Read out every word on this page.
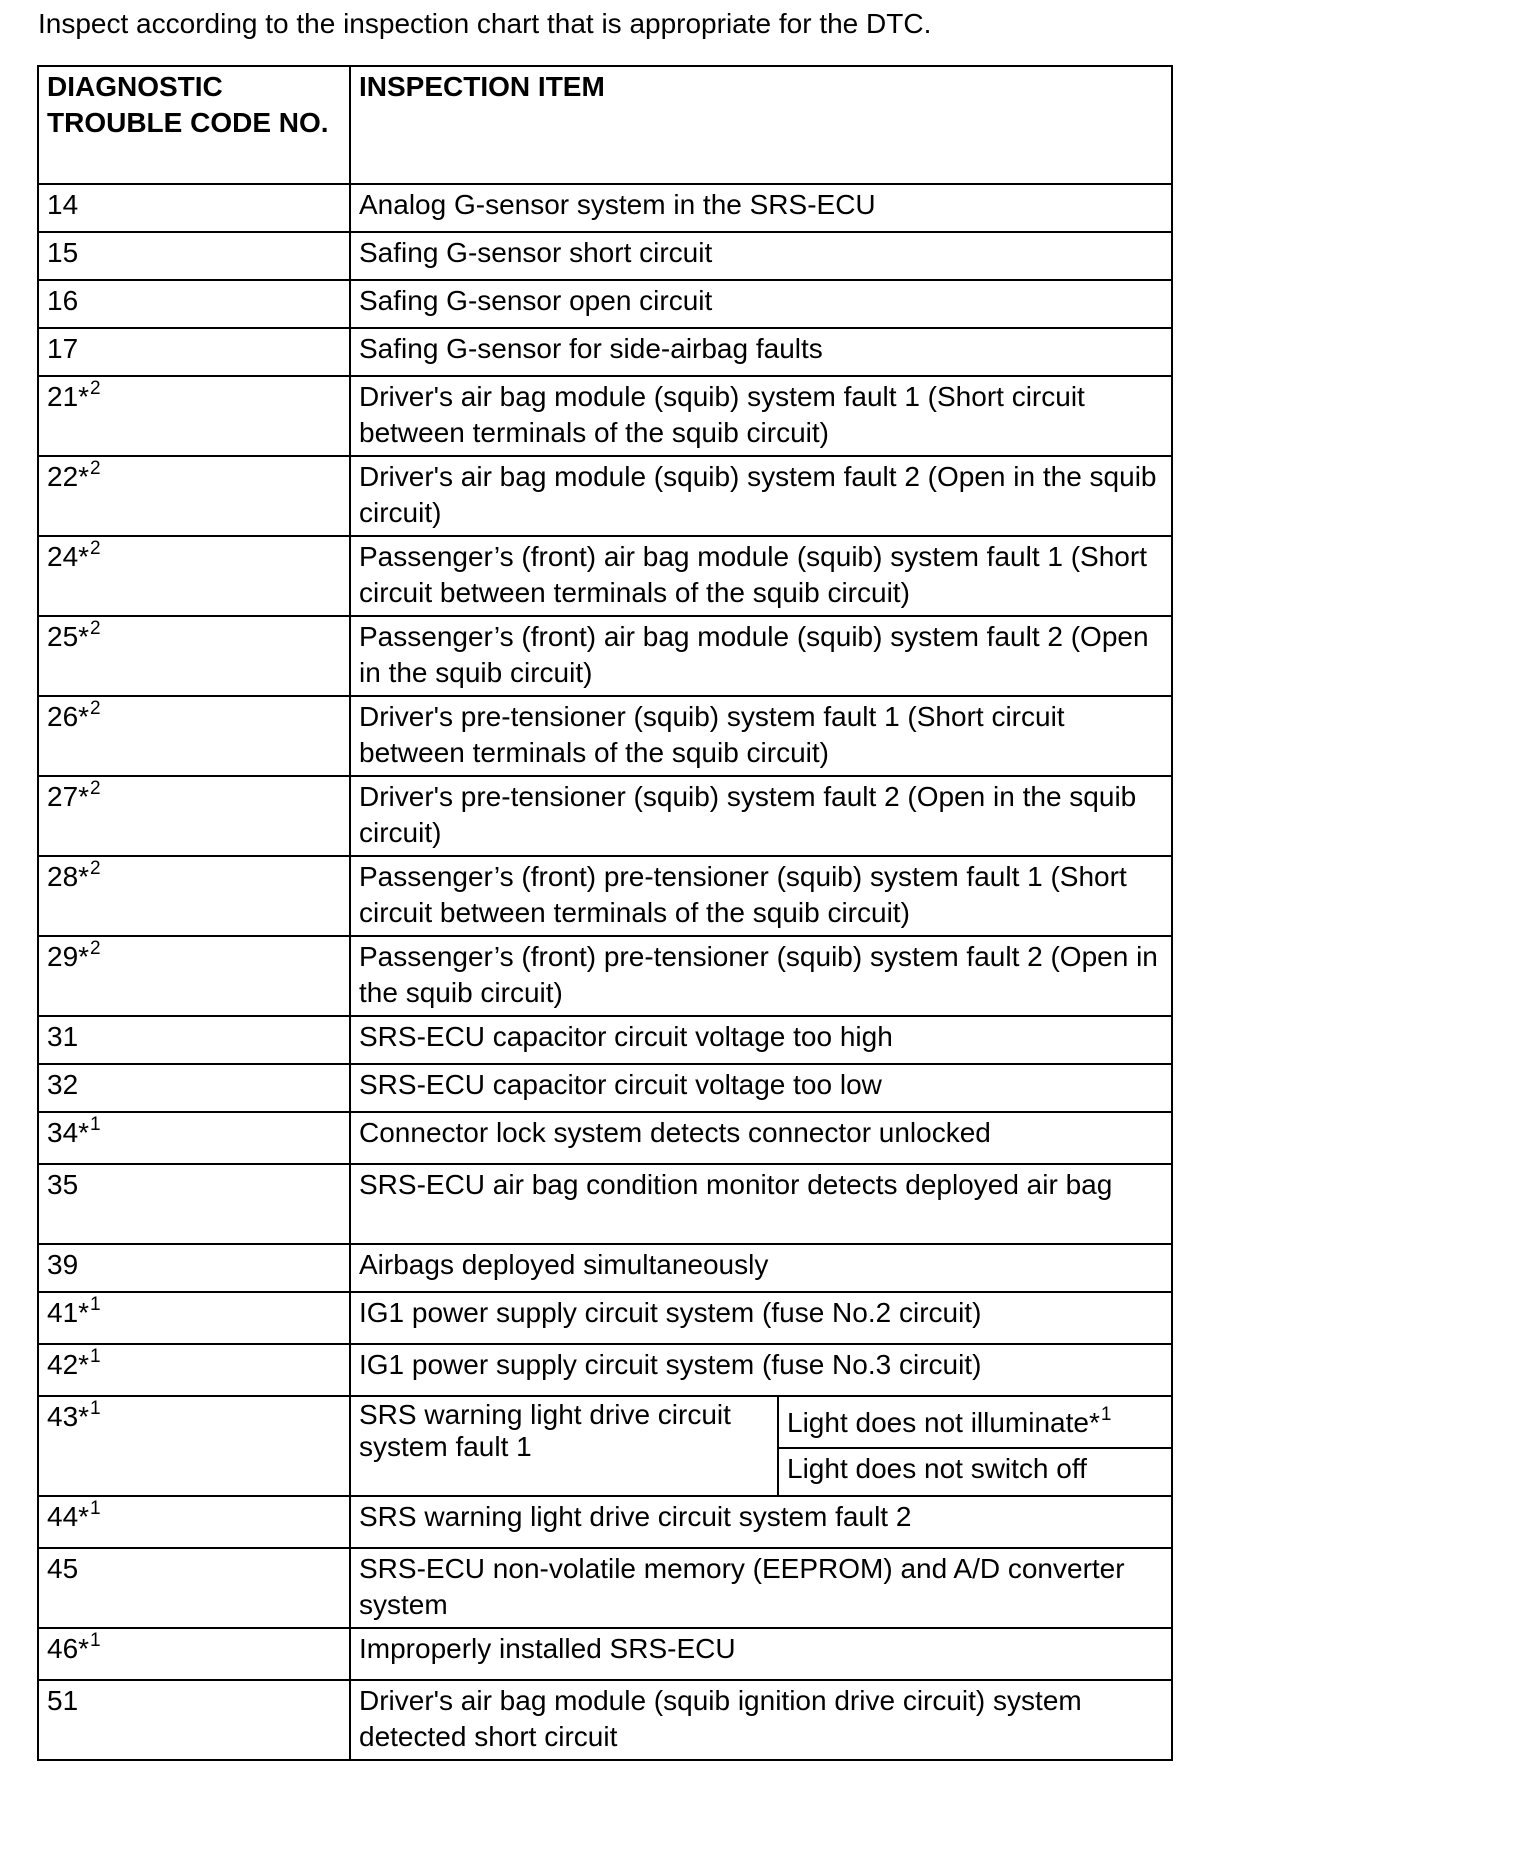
Inspect according to the inspection chart that is appropriate for the DTC.
DIAGNOSTIC TROUBLE CODE NO.	INSPECTION ITEM	
14	Analog G-sensor system in the SRS-ECU	
15	Safing G-sensor short circuit	
16	Safing G-sensor open circuit	
17	Safing G-sensor for side-airbag faults	
21*$^2$	Driver's air bag module (squib) system fault 1 (Short circuit between terminals of the squib circuit)	
22*$^2$	Driver's air bag module (squib) system fault 2 (Open in the squib circuit)	
24*$^2$	Passenger’s (front) air bag module (squib) system fault 1 (Short circuit between terminals of the squib circuit)	
25*$^2$	Passenger’s (front) air bag module (squib) system fault 2 (Open in the squib circuit)	
26*$^2$	Driver's pre-tensioner (squib) system fault 1 (Short circuit between terminals of the squib circuit)	
27*$^2$	Driver's pre-tensioner (squib) system fault 2 (Open in the squib circuit)	
28*$^2$	Passenger’s (front) pre-tensioner (squib) system fault 1 (Short circuit between terminals of the squib circuit)	
29*$^2$	Passenger’s (front) pre-tensioner (squib) system fault 2 (Open in the squib circuit)	
31	SRS-ECU capacitor circuit voltage too high	
32	SRS-ECU capacitor circuit voltage too low	
34*$^1$	Connector lock system detects connector unlocked	
35	SRS-ECU air bag condition monitor detects deployed air bag	
39	Airbags deployed simultaneously	
41*$^1$	IG1 power supply circuit system (fuse No.2 circuit)	
42*$^1$	IG1 power supply circuit system (fuse No.3 circuit)	
43*$^1$	SRS warning light drive circuit system fault 1	Light does not illuminate*$^1$
		Light does not switch off
44*$^1$	SRS warning light drive circuit system fault 2	
45	SRS-ECU non-volatile memory (EEPROM) and A/D converter system	
46*$^1$	Improperly installed SRS-ECU	
51	Driver's air bag module (squib ignition drive circuit) system detected short circuit	
